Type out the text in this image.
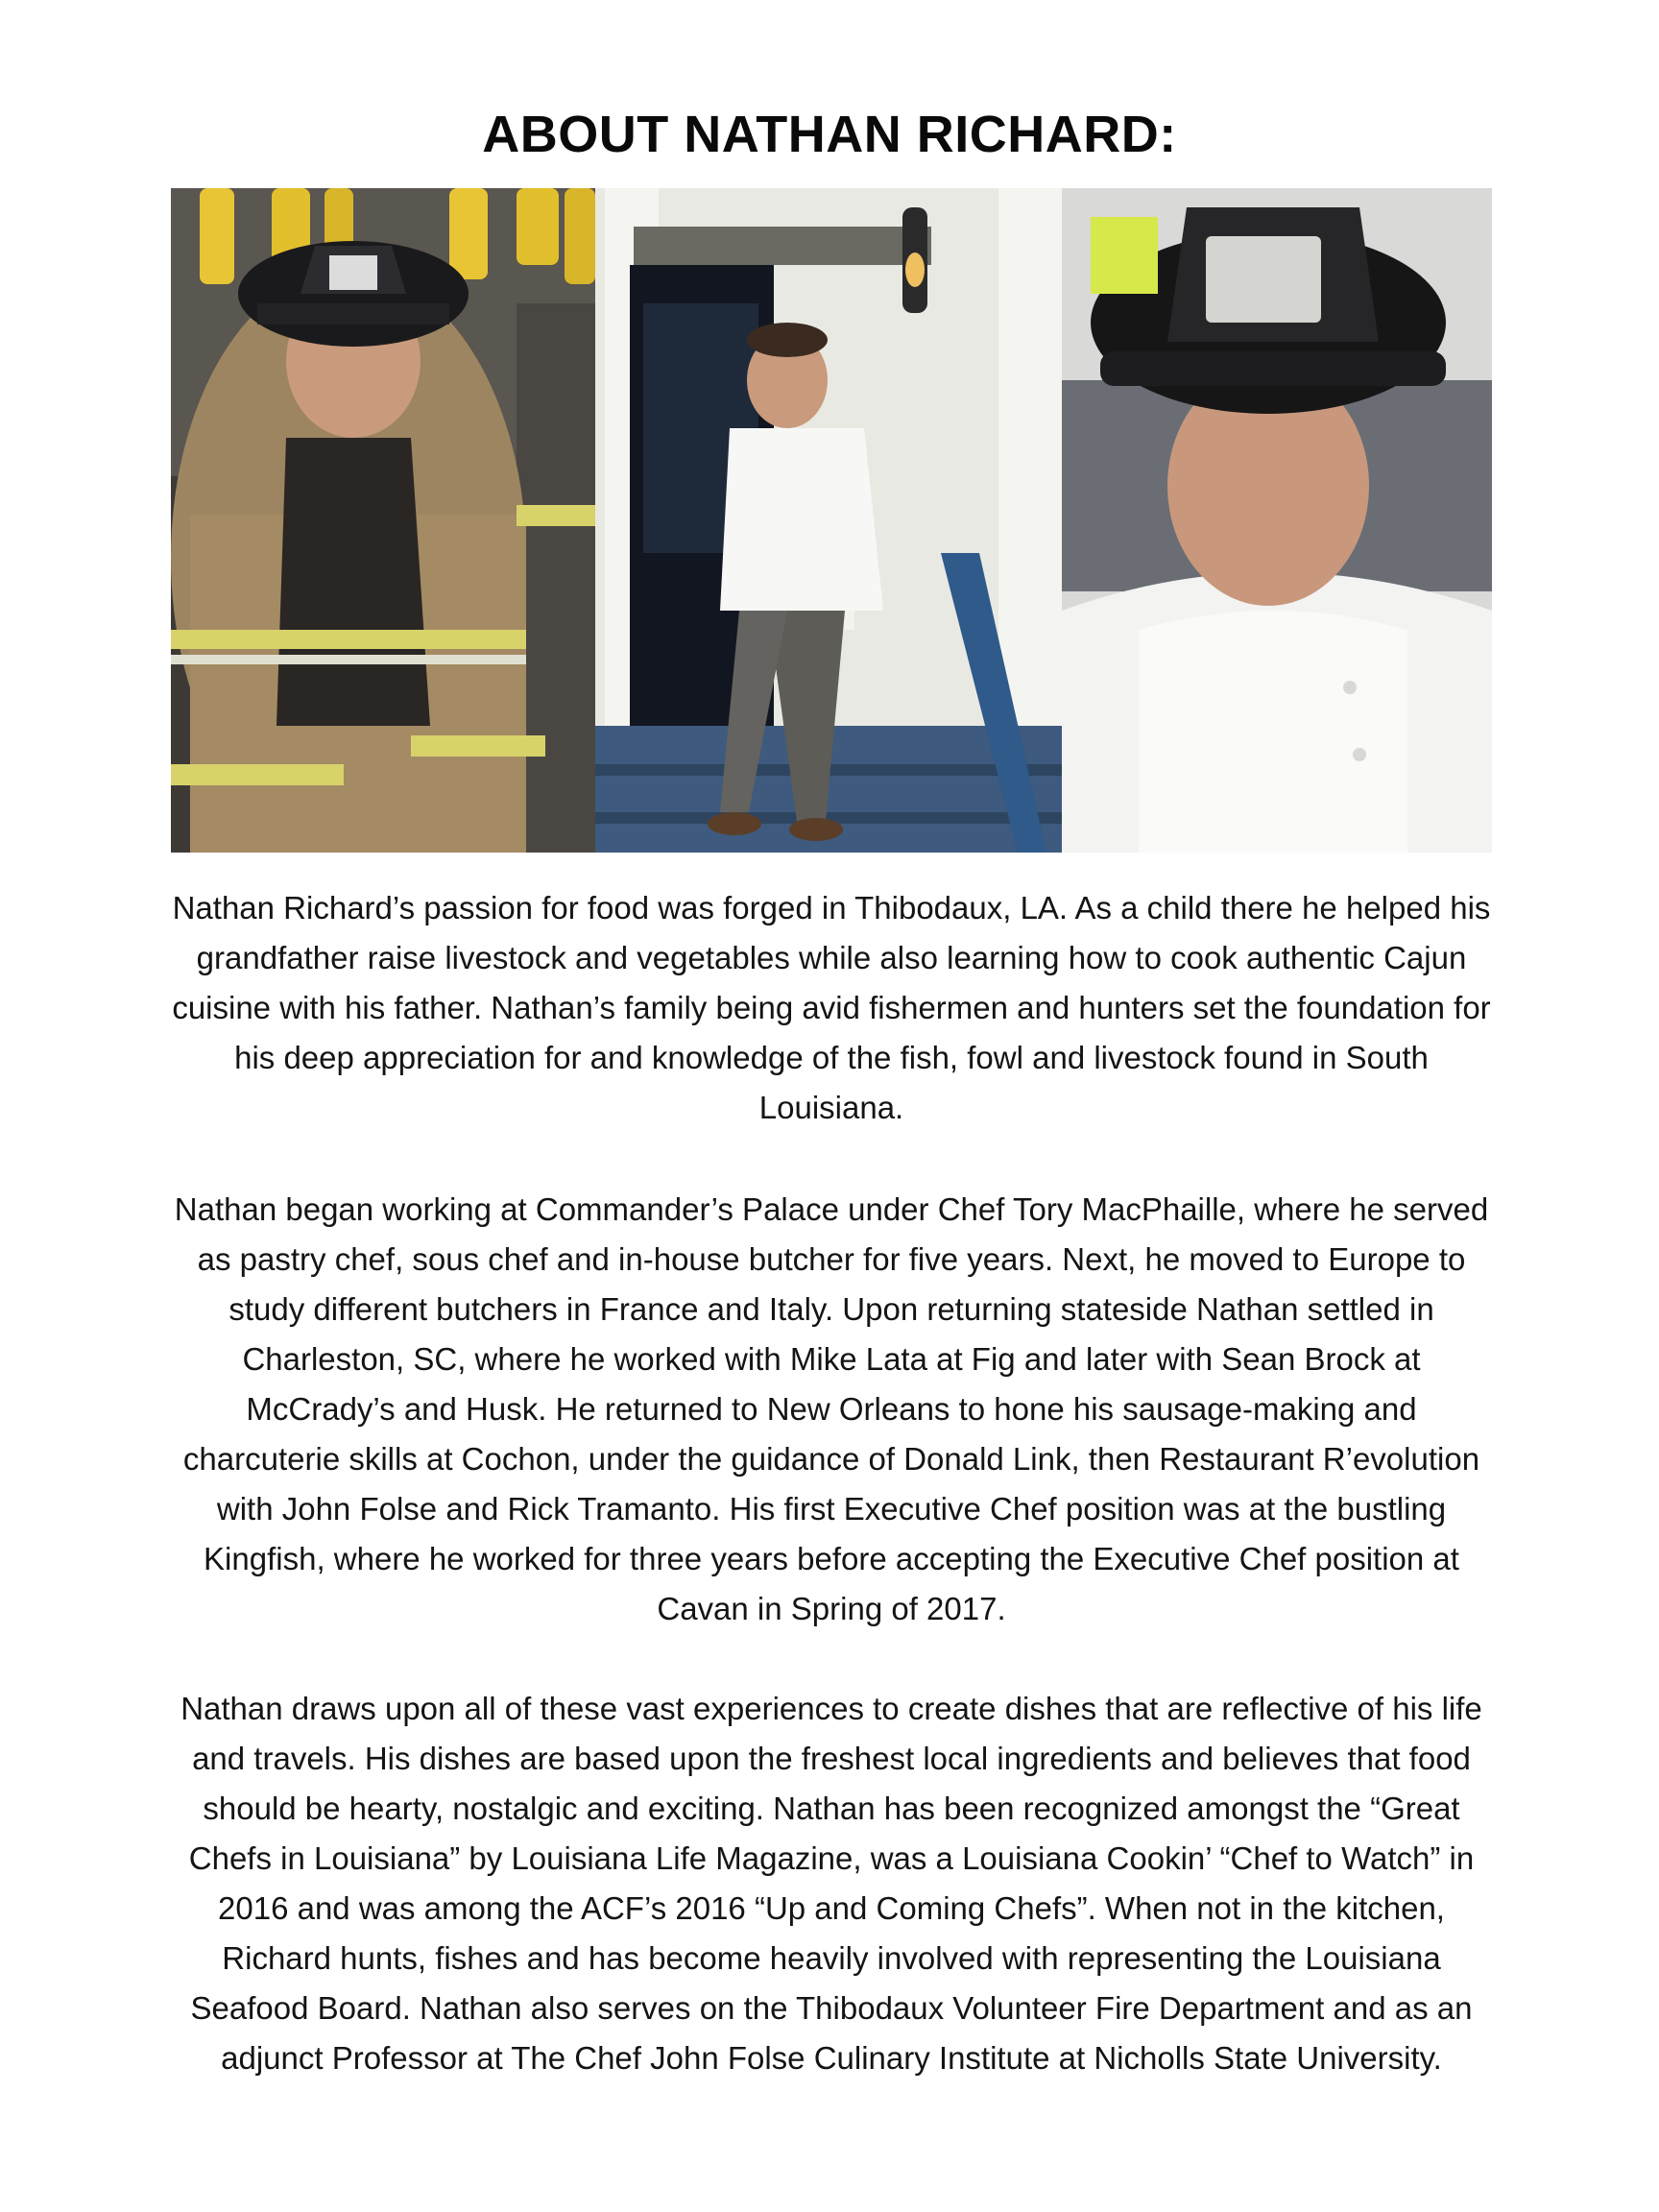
ABOUT NATHAN RICHARD:

Nathan Richard’s passion for food was forged in Thibodaux, LA. As a child there he helped his grandfather raise livestock and vegetables while also learning how to cook authentic Cajun cuisine with his father. Nathan’s family being avid fishermen and hunters set the foundation for his deep appreciation for and knowledge of the fish, fowl and livestock found in South Louisiana.

Nathan began working at Commander’s Palace under Chef Tory MacPhaille, where he served as pastry chef, sous chef and in-house butcher for five years. Next, he moved to Europe to study different butchers in France and Italy. Upon returning stateside Nathan settled in Charleston, SC, where he worked with Mike Lata at Fig and later with Sean Brock at McCrady’s and Husk. He returned to New Orleans to hone his sausage-making and charcuterie skills at Cochon, under the guidance of Donald Link, then Restaurant R’evolution with John Folse and Rick Tramanto. His first Executive Chef position was at the bustling Kingfish, where he worked for three years before accepting the Executive Chef position at Cavan in Spring of 2017.

Nathan draws upon all of these vast experiences to create dishes that are reflective of his life and travels. His dishes are based upon the freshest local ingredients and believes that food should be hearty, nostalgic and exciting. Nathan has been recognized amongst the “Great Chefs in Louisiana” by Louisiana Life Magazine, was a Louisiana Cookin’ “Chef to Watch” in 2016 and was among the ACF’s 2016 “Up and Coming Chefs”. When not in the kitchen, Richard hunts, fishes and has become heavily involved with representing the Louisiana Seafood Board. Nathan also serves on the Thibodaux Volunteer Fire Department and as an adjunct Professor at The Chef John Folse Culinary Institute at Nicholls State University.
